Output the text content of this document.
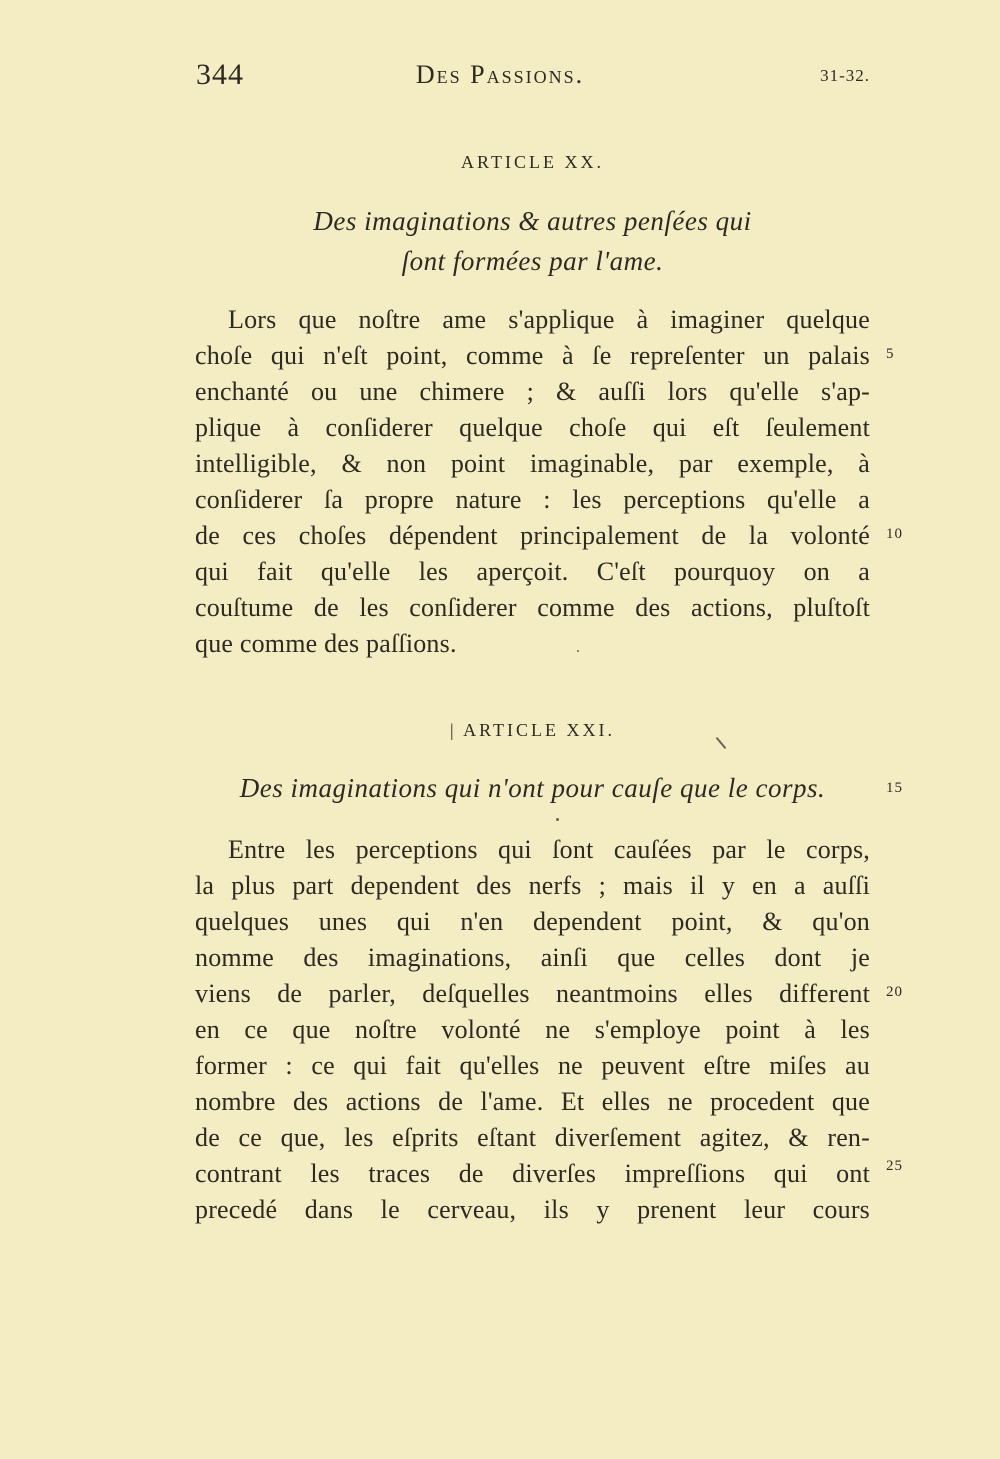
344	Des Passions.	31-32.
ARTICLE XX.
Des imaginations & autres penſées qui
ſont formées par l'ame.
Lors que noſtre ame s'applique à imaginer quelque
choſe qui n'eſt point, comme à ſe repreſenter un palais
enchanté ou une chimere ; & auſſi lors qu'elle s'ap-
plique à conſiderer quelque choſe qui eſt ſeulement
intelligible, & non point imaginable, par exemple, à
conſiderer ſa propre nature : les perceptions qu'elle a
de ces choſes dépendent principalement de la volonté
qui fait qu'elle les aperçoit. C'eſt pourquoy on a
couſtume de les conſiderer comme des actions, pluſtoſt
que comme des paſſions.
| ARTICLE XXI.
Des imaginations qui n'ont pour cauſe que le corps.
Entre les perceptions qui ſont cauſées par le corps,
la plus part dependent des nerfs ; mais il y en a auſſi
quelques unes qui n'en dependent point, & qu'on
nomme des imaginations, ainſi que celles dont je
viens de parler, deſquelles neantmoins elles different
en ce que noſtre volonté ne s'employe point à les
former : ce qui fait qu'elles ne peuvent eſtre miſes au
nombre des actions de l'ame. Et elles ne procedent que
de ce que, les eſprits eſtant diverſement agitez, & ren-
contrant les traces de diverſes impreſſions qui ont
precedé dans le cerveau, ils y prenent leur cours
5
10
15
20
25
